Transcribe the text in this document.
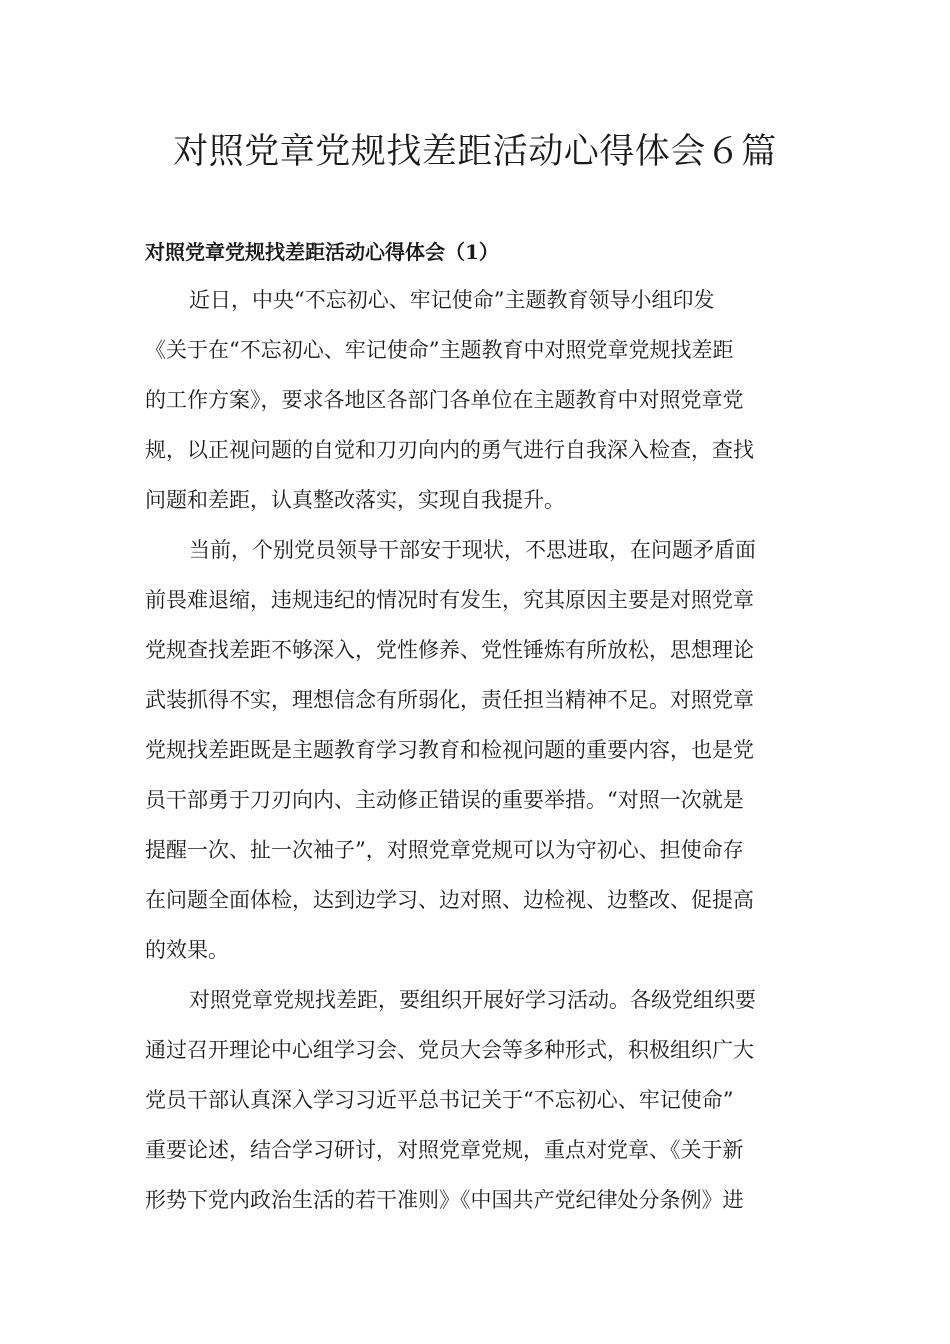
对照党章党规找差距活动心得体会６篇
对照党章党规找差距活动心得体会（1）
近日，中央“不忘初心、牢记使命”主题教育领导小组印发
《关于在“不忘初心、牢记使命”主题教育中对照党章党规找差距
的工作方案》，要求各地区各部门各单位在主题教育中对照党章党
规，以正视问题的自觉和刀刃向内的勇气进行自我深入检查，查找
问题和差距，认真整改落实，实现自我提升。
当前，个别党员领导干部安于现状，不思进取，在问题矛盾面
前畏难退缩，违规违纪的情况时有发生，究其原因主要是对照党章
党规查找差距不够深入，党性修养、党性锤炼有所放松，思想理论
武装抓得不实，理想信念有所弱化，责任担当精神不足。对照党章
党规找差距既是主题教育学习教育和检视问题的重要内容，也是党
员干部勇于刀刃向内、主动修正错误的重要举措。“对照一次就是
提醒一次、扯一次袖子”，对照党章党规可以为守初心、担使命存
在问题全面体检，达到边学习、边对照、边检视、边整改、促提高
的效果。
对照党章党规找差距，要组织开展好学习活动。各级党组织要
通过召开理论中心组学习会、党员大会等多种形式，积极组织广大
党员干部认真深入学习习近平总书记关于“不忘初心、牢记使命”
重要论述，结合学习研讨，对照党章党规，重点对党章、《关于新
形势下党内政治生活的若干准则》《中国共产党纪律处分条例》进
